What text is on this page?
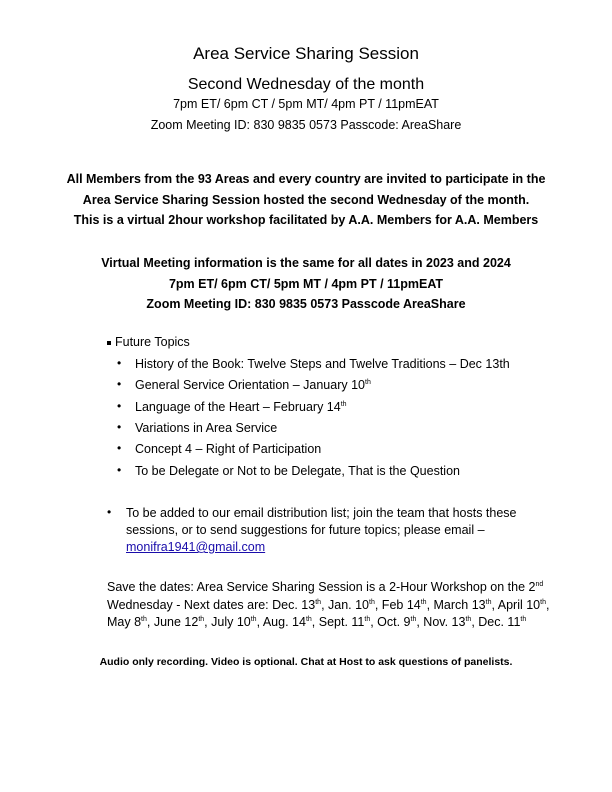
Area Service Sharing Session
Second Wednesday of the month
7pm ET/ 6pm CT / 5pm MT/ 4pm PT / 11pmEAT
Zoom Meeting ID: 830 9835 0573 Passcode: AreaShare
All Members from the 93 Areas and every country are invited to participate in the
Area Service Sharing Session hosted the second Wednesday of the month.
This is a virtual 2hour workshop facilitated by A.A. Members for A.A. Members
Virtual Meeting information is the same for all dates in 2023 and 2024
7pm ET/ 6pm CT/ 5pm MT / 4pm PT / 11pmEAT
Zoom Meeting ID: 830 9835 0573 Passcode AreaShare
Future Topics
• History of the Book: Twelve Steps and Twelve Traditions – Dec 13th
• General Service Orientation – January 10th
• Language of the Heart – February 14th
• Variations in Area Service
• Concept 4 – Right of Participation
• To be Delegate or Not to be Delegate, That is the Question
• To be added to our email distribution list; join the team that hosts these
sessions, or to send suggestions for future topics; please email –
monifra1941@gmail.com
Save the dates: Area Service Sharing Session is a 2-Hour Workshop on the 2nd
Wednesday - Next dates are: Dec. 13th, Jan. 10th, Feb 14th, March 13th, April 10th,
May 8th, June 12th, July 10th, Aug. 14th, Sept. 11th, Oct. 9th, Nov. 13th, Dec. 11th
Audio only recording. Video is optional. Chat at Host to ask questions of panelists.
